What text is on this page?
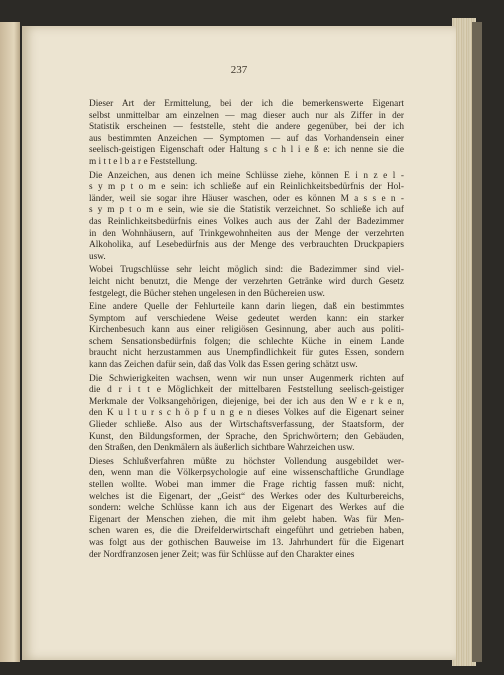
237

Dieser Art der Ermittelung, bei der ich die bemerkenswerte Eigenart
selbst unmittelbar am einzelnen — mag dieser auch nur als Ziffer in der
Statistik erscheinen — feststelle, steht die andere gegenüber, bei der ich
aus bestimmten Anzeichen — Symptomen — auf das Vorhandensein einer
seelisch-geistigen Eigenschaft oder Haltung s c h l i e ß e: ich nenne sie die
m i t t e l b a r e Feststellung.

Die Anzeichen, aus denen ich meine Schlüsse ziehe, können E i n z e l -
s y m p t o m e sein: ich schließe auf ein Reinlichkeitsbedürfnis der Hol-
länder, weil sie sogar ihre Häuser waschen, oder es können M a s s e n -
s y m p t o m e sein, wie sie die Statistik verzeichnet. So schließe ich auf
das Reinlichkeitsbedürfnis eines Volkes auch aus der Zahl der Badezimmer
in den Wohnhäusern, auf Trinkgewohnheiten aus der Menge der verzehrten
Alkoholika, auf Lesebedürfnis aus der Menge des verbrauchten Druckpapiers
usw.

Wobei Trugschlüsse sehr leicht möglich sind: die Badezimmer sind viel-
leicht nicht benutzt, die Menge der verzehrten Getränke wird durch Gesetz
festgelegt, die Bücher stehen ungelesen in den Büchereien usw.

Eine andere Quelle der Fehlurteile kann darin liegen, daß ein bestimmtes
Symptom auf verschiedene Weise gedeutet werden kann: ein starker
Kirchenbesuch kann aus einer religiösen Gesinnung, aber auch aus politi-
schem Sensationsbedürfnis folgen; die schlechte Küche in einem Lande
braucht nicht herzustammen aus Unempfindlichkeit für gutes Essen, sondern
kann das Zeichen dafür sein, daß das Volk das Essen gering schätzt usw.

Die Schwierigkeiten wachsen, wenn wir nun unser Augenmerk richten auf
die d r i t t e Möglichkeit der mittelbaren Feststellung seelisch-geistiger
Merkmale der Volksangehörigen, diejenige, bei der ich aus den W e r k e n,
den K u l t u r s c h ö p f u n g e n dieses Volkes auf die Eigenart seiner
Glieder schließe. Also aus der Wirtschaftsverfassung, der Staatsform, der
Kunst, den Bildungsformen, der Sprache, den Sprichwörtern; den Gebäuden,
den Straßen, den Denkmälern als äußerlich sichtbare Wahrzeichen usw.

Dieses Schlußverfahren müßte zu höchster Vollendung ausgebildet wer-
den, wenn man die Völkerpsychologie auf eine wissenschaftliche Grundlage
stellen wollte. Wobei man immer die Frage richtig fassen muß: nicht,
welches ist die Eigenart, der „Geist“ des Werkes oder des Kulturbereichs,
sondern: welche Schlüsse kann ich aus der Eigenart des Werkes auf die
Eigenart der Menschen ziehen, die mit ihm gelebt haben. Was für Men-
schen waren es, die die Dreifelderwirtschaft eingeführt und getrieben haben,
was folgt aus der gothischen Bauweise im 13. Jahrhundert für die Eigenart
der Nordfranzosen jener Zeit; was für Schlüsse auf den Charakter eines
